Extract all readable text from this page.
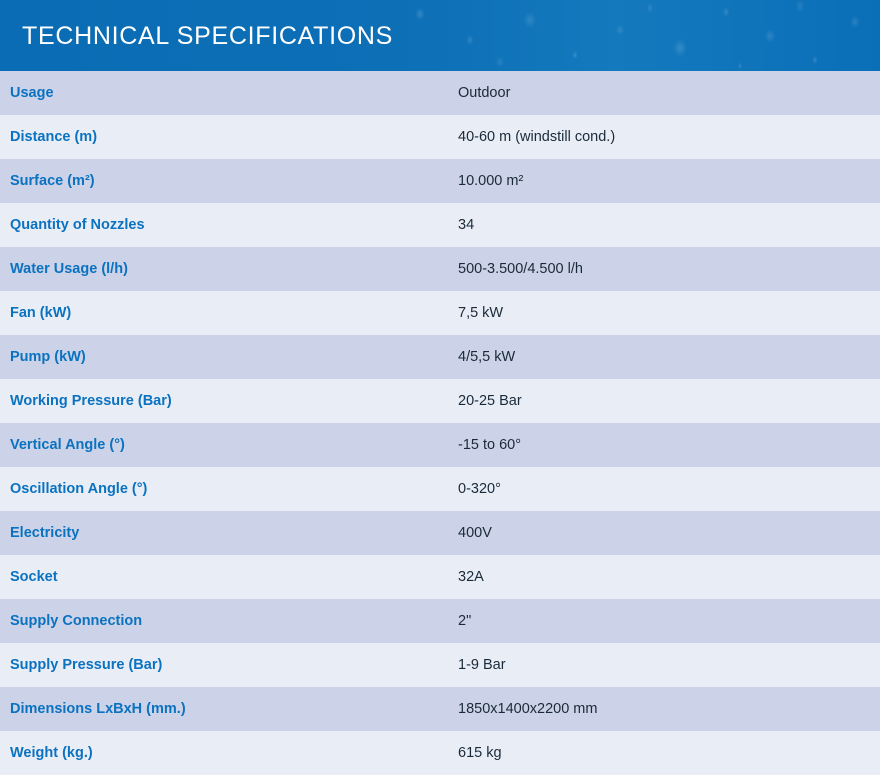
TECHNICAL SPECIFICATIONS
Usage	Outdoor
Distance (m)	40-60 m (windstill cond.)
Surface (m²)	10.000 m²
Quantity of Nozzles	34
Water Usage (l/h)	500-3.500/4.500 l/h
Fan (kW)	7,5 kW
Pump (kW)	4/5,5 kW
Working Pressure (Bar)	20-25 Bar
Vertical Angle (°)	-15 to 60°
Oscillation Angle (°)	0-320°
Electricity	400V
Socket	32A
Supply Connection	2"
Supply Pressure (Bar)	1-9 Bar
Dimensions LxBxH (mm.)	1850x1400x2200 mm
Weight (kg.)	615 kg
